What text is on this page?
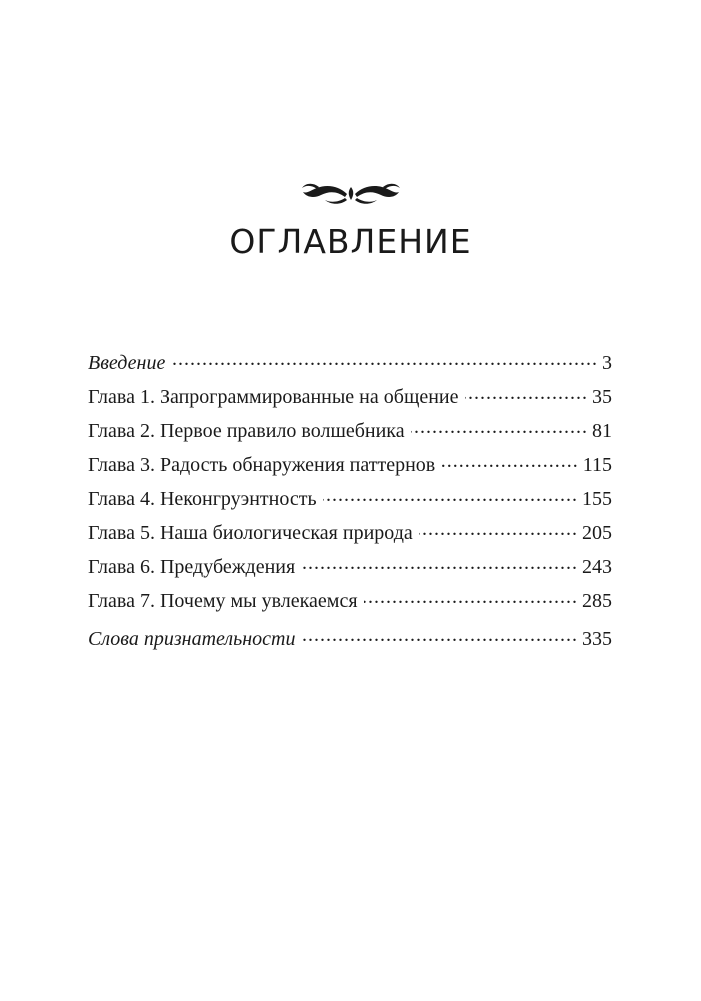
ОГЛАВЛЕНИЕ
Введение .....	3
Глава 1. Запрограммированные на общение .....	35
Глава 2. Первое правило волшебника .....	81
Глава 3. Радость обнаружения паттернов .....	115
Глава 4. Неконгруэнтность .....	155
Глава 5. Наша биологическая природа .....	205
Глава 6. Предубеждения .....	243
Глава 7. Почему мы увлекаемся .....	285
Слова признательности .....	335
